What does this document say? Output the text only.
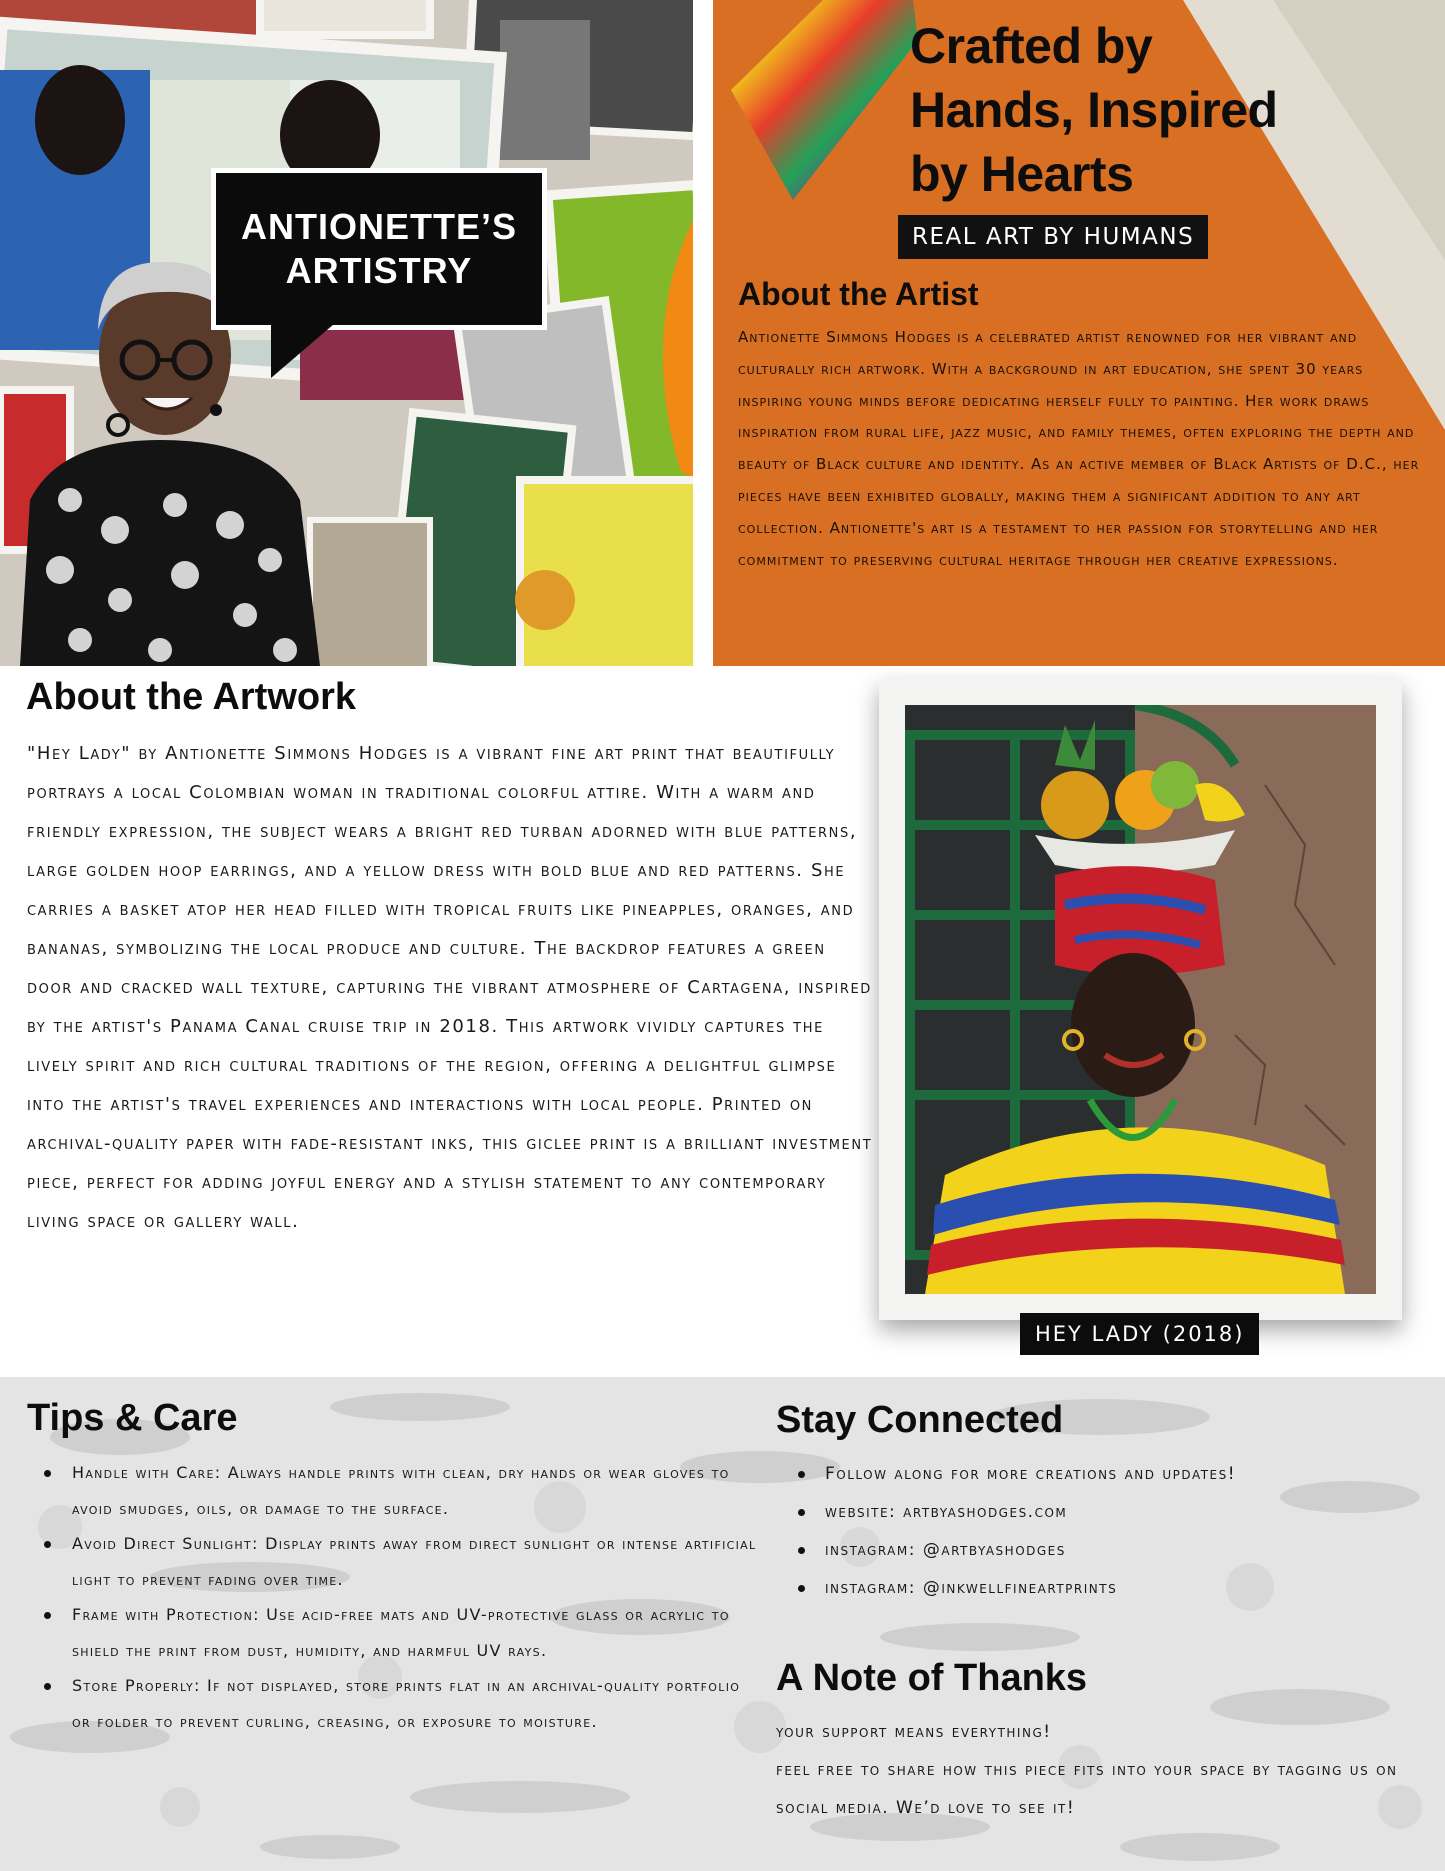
ANTIONETTE’S
ARTISTRY
Crafted by
Hands, Inspired
by Hearts
REAL ART BY HUMANS
About the Artist
Antionette Simmons Hodges is a celebrated artist renowned for her vibrant and culturally rich artwork. With a background in art education, she spent 30 years inspiring young minds before dedicating herself fully to painting. Her work draws inspiration from rural life, jazz music, and family themes, often exploring the depth and beauty of Black culture and identity. As an active member of Black Artists of D.C., her pieces have been exhibited globally, making them a significant addition to any art collection. Antionette's art is a testament to her passion for storytelling and her commitment to preserving cultural heritage through her creative expressions.
About the Artwork
"Hey Lady" by Antionette Simmons Hodges is a vibrant fine art print that beautifully portrays a local Colombian woman in traditional colorful attire. With a warm and friendly expression, the subject wears a bright red turban adorned with blue patterns, large golden hoop earrings, and a yellow dress with bold blue and red patterns. She carries a basket atop her head filled with tropical fruits like pineapples, oranges, and bananas, symbolizing the local produce and culture. The backdrop features a green door and cracked wall texture, capturing the vibrant atmosphere of Cartagena, inspired by the artist's Panama Canal cruise trip in 2018. This artwork vividly captures the lively spirit and rich cultural traditions of the region, offering a delightful glimpse into the artist's travel experiences and interactions with local people. Printed on archival-quality paper with fade-resistant inks, this giclee print is a brilliant investment piece, perfect for adding joyful energy and a stylish statement to any contemporary living space or gallery wall.
HEY LADY (2018)
Tips & Care
Handle with Care: Always handle prints with clean, dry hands or wear gloves to avoid smudges, oils, or damage to the surface.
Avoid Direct Sunlight: Display prints away from direct sunlight or intense artificial light to prevent fading over time.
Frame with Protection: Use acid-free mats and UV-protective glass or acrylic to shield the print from dust, humidity, and harmful UV rays.
Store Properly: If not displayed, store prints flat in an archival-quality portfolio or folder to prevent curling, creasing, or exposure to moisture.
Stay Connected
Follow along for more creations and updates!
website: artbyashodges.com
instagram: @artbyashodges
instagram: @inkwellfineartprints
A Note of Thanks
your support means everything!
feel free to share how this piece fits into your space by tagging us on social media. We’d love to see it!
